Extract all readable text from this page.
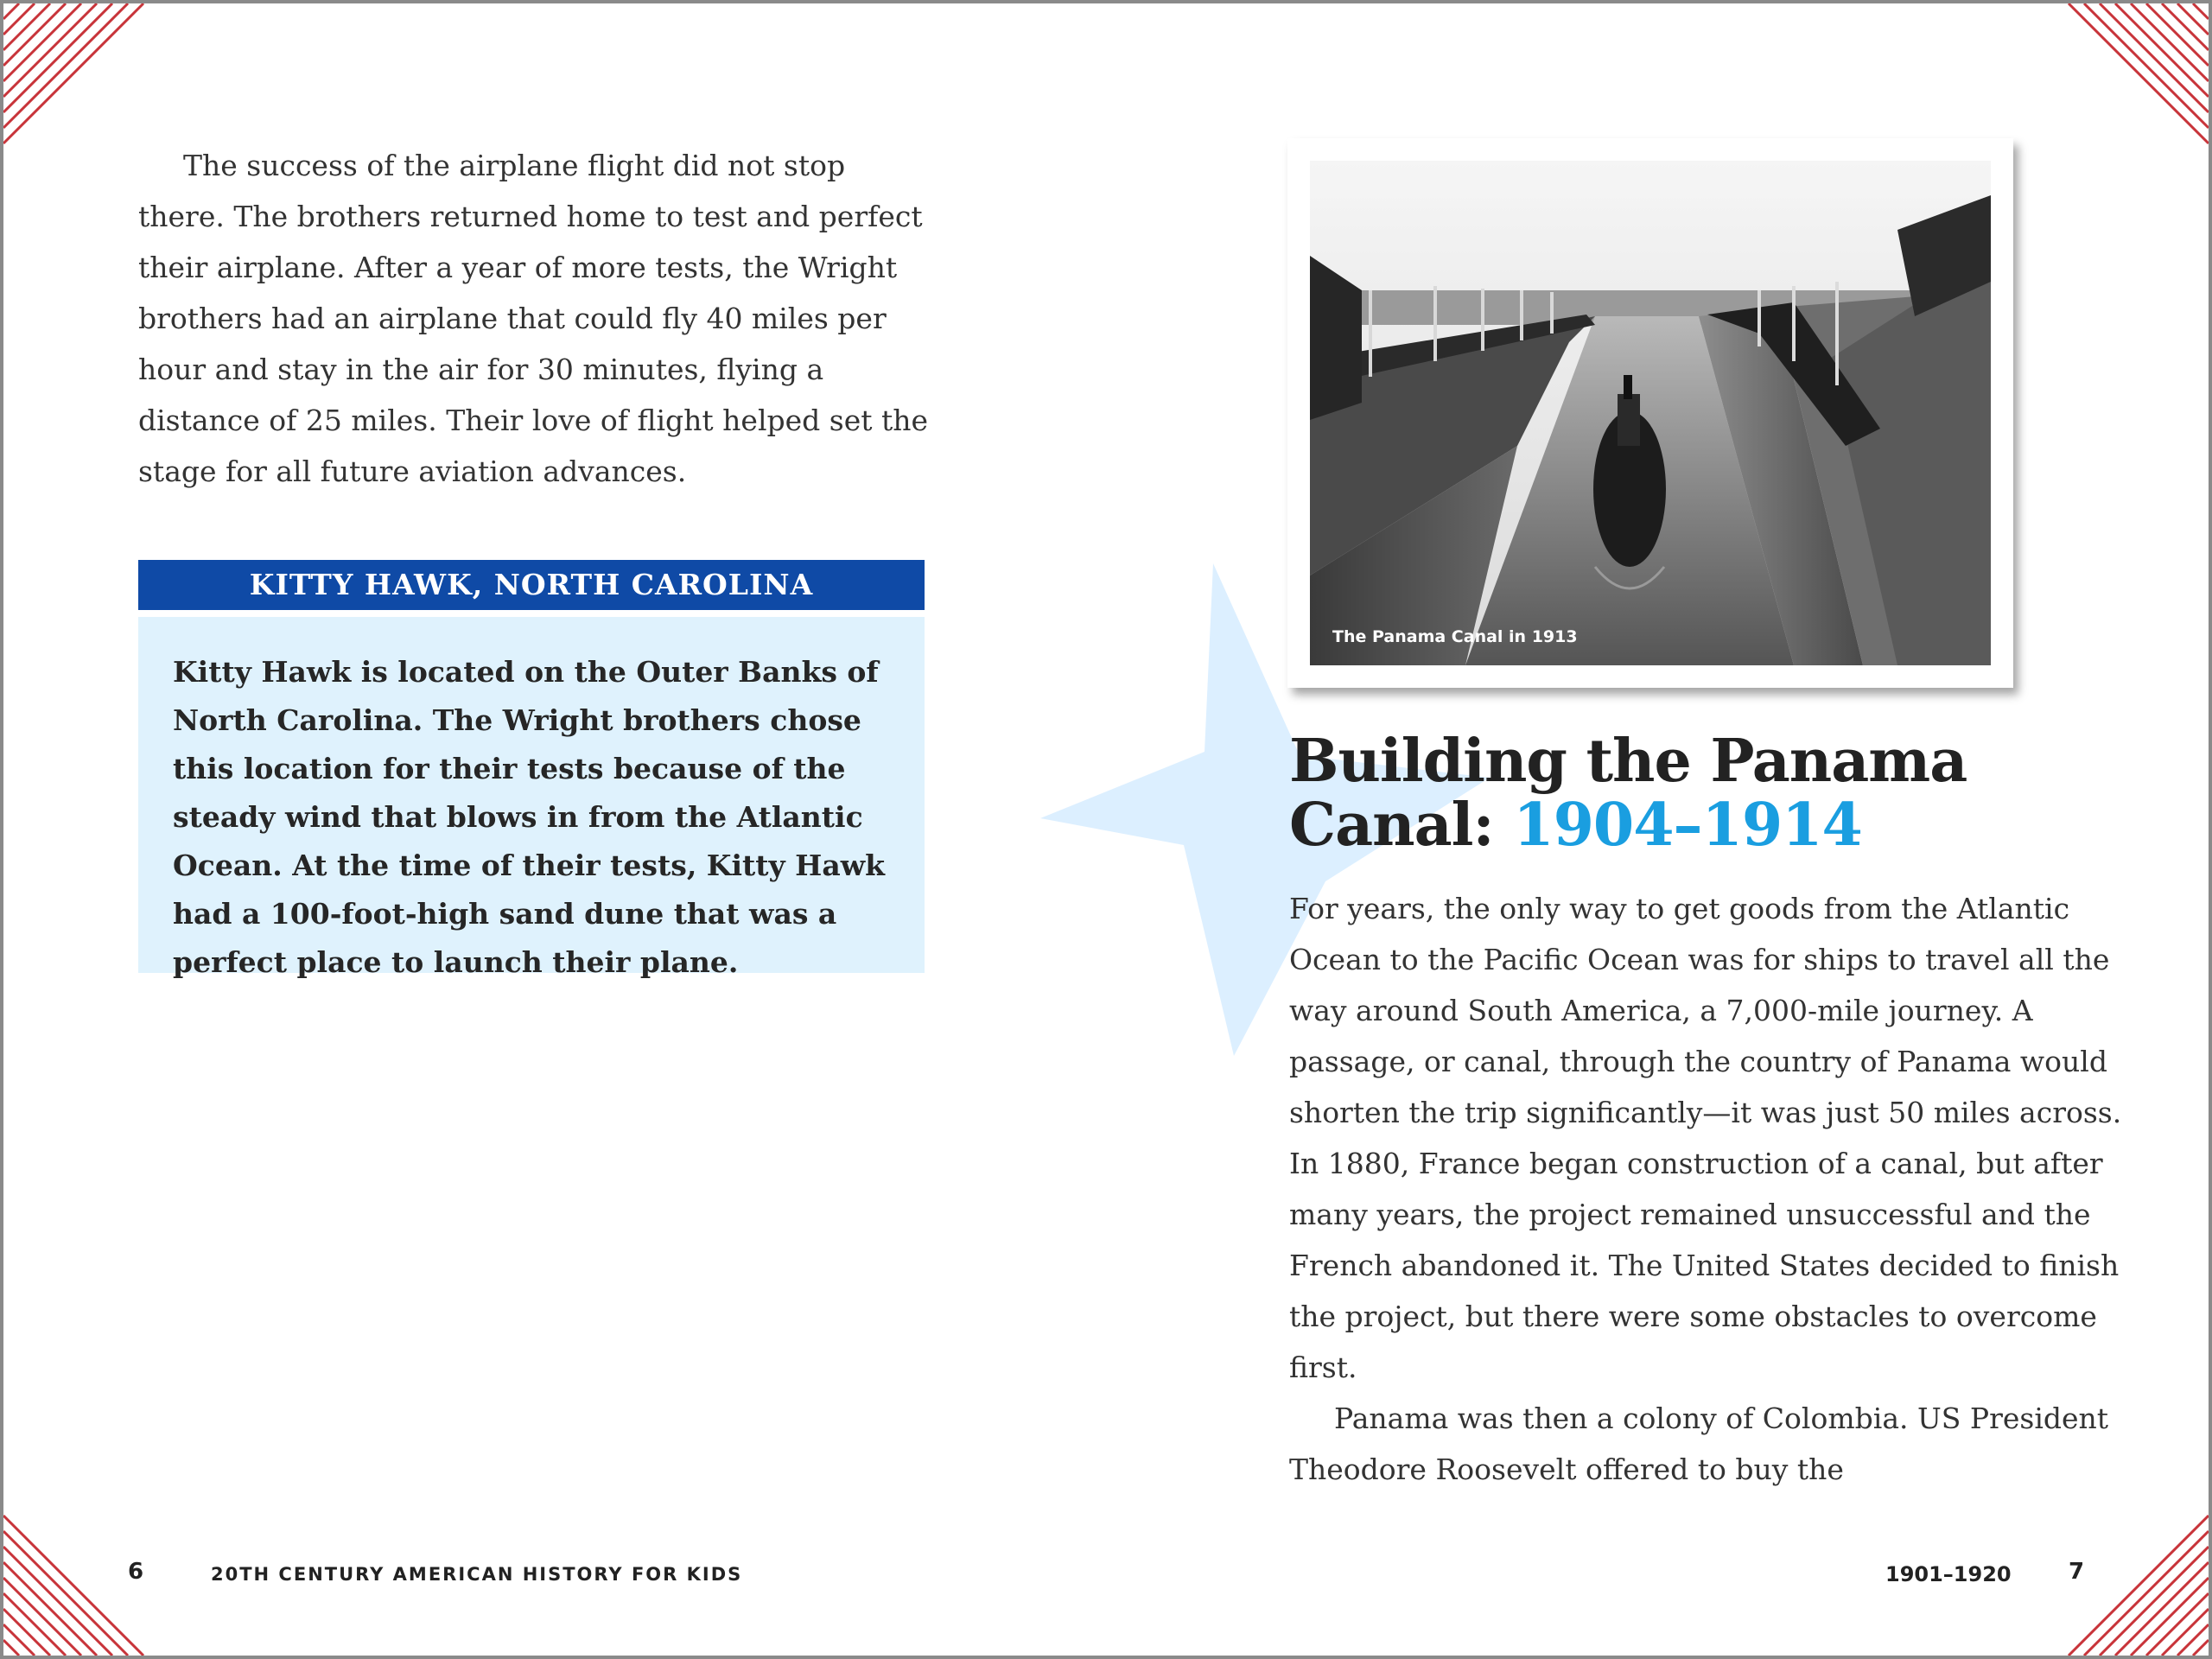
The success of the airplane flight did not stop there. The brothers returned home to test and perfect their airplane. After a year of more tests, the Wright brothers had an airplane that could fly 40 miles per hour and stay in the air for 30 minutes, flying a distance of 25 miles. Their love of flight helped set the stage for all future aviation advances.

KITTY HAWK, NORTH CAROLINA

Kitty Hawk is located on the Outer Banks of North Carolina. The Wright brothers chose this location for their tests because of the steady wind that blows in from the Atlantic Ocean. At the time of their tests, Kitty Hawk had a 100-foot-high sand dune that was a perfect place to launch their plane.

The Panama Canal in 1913
Building the Panama Canal: 1904–1914

For years, the only way to get goods from the Atlantic Ocean to the Pacific Ocean was for ships to travel all the way around South America, a 7,000-mile journey. A passage, or canal, through the country of Panama would shorten the trip significantly—it was just 50 miles across. In 1880, France began construction of a canal, but after many years, the project remained unsuccessful and the French abandoned it. The United States decided to finish the project, but there were some obstacles to overcome first.

Panama was then a colony of Colombia. US President Theodore Roosevelt offered to buy the

6	20TH CENTURY AMERICAN HISTORY FOR KIDS	1901–1920	7
